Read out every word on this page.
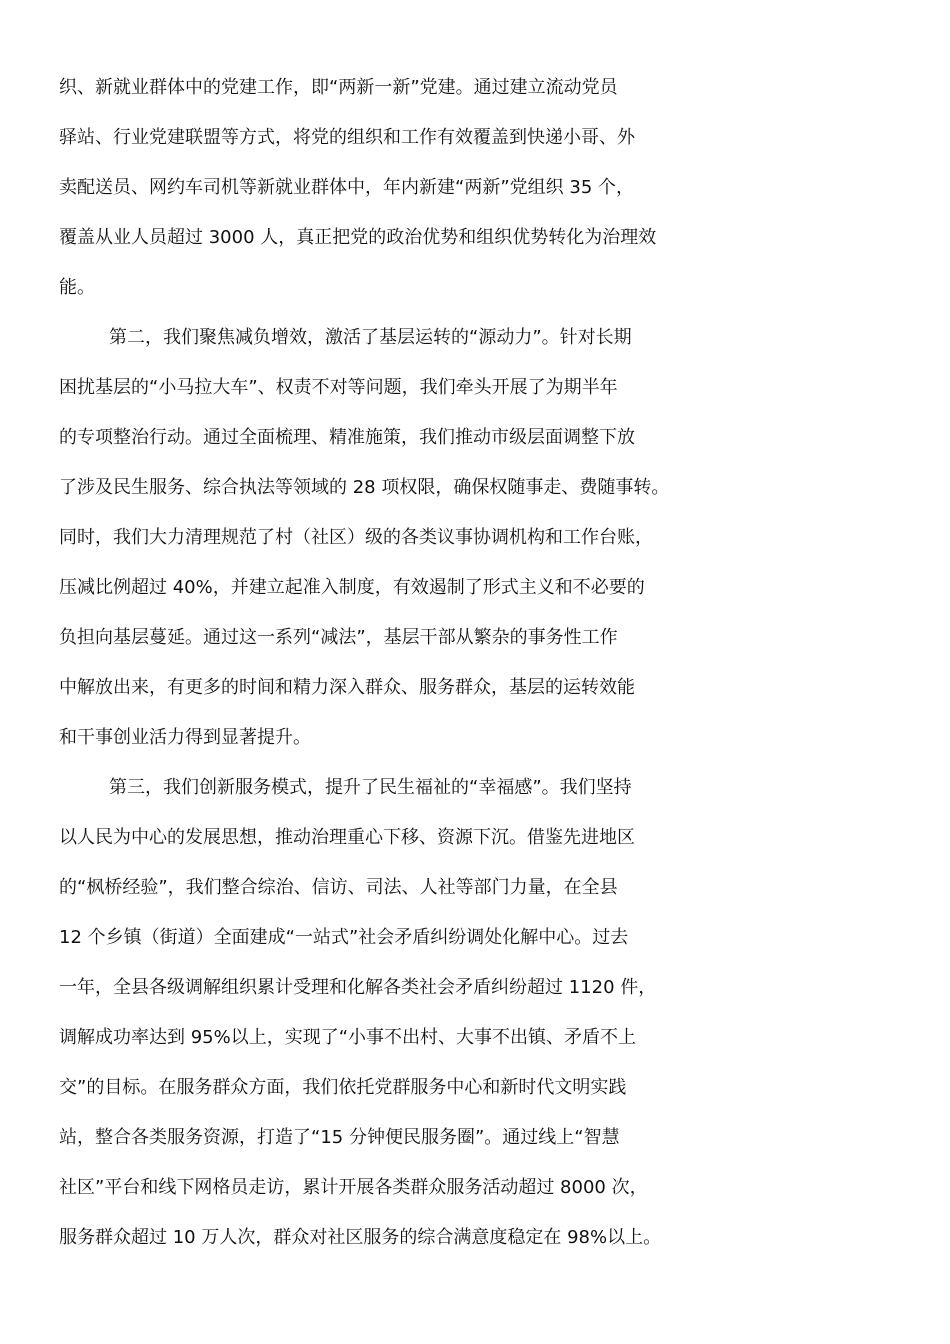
织、新就业群体中的党建工作，即“两新一新”党建。通过建立流动党员
驿站、行业党建联盟等方式，将党的组织和工作有效覆盖到快递小哥、外
卖配送员、网约车司机等新就业群体中，年内新建“两新”党组织 35 个，
覆盖从业人员超过 3000 人，真正把党的政治优势和组织优势转化为治理效
能。
第二，我们聚焦减负增效，激活了基层运转的“源动力”。针对长期
困扰基层的“小马拉大车”、权责不对等问题，我们牵头开展了为期半年
的专项整治行动。通过全面梳理、精准施策，我们推动市级层面调整下放
了涉及民生服务、综合执法等领域的 28 项权限，确保权随事走、费随事转。
同时，我们大力清理规范了村（社区）级的各类议事协调机构和工作台账，
压减比例超过 40%，并建立起准入制度，有效遏制了形式主义和不必要的
负担向基层蔓延。通过这一系列“减法”，基层干部从繁杂的事务性工作
中解放出来，有更多的时间和精力深入群众、服务群众，基层的运转效能
和干事创业活力得到显著提升。
第三，我们创新服务模式，提升了民生福祉的“幸福感”。我们坚持
以人民为中心的发展思想，推动治理重心下移、资源下沉。借鉴先进地区
的“枫桥经验”，我们整合综治、信访、司法、人社等部门力量，在全县
12 个乡镇（街道）全面建成“一站式”社会矛盾纠纷调处化解中心。过去
一年，全县各级调解组织累计受理和化解各类社会矛盾纠纷超过 1120 件，
调解成功率达到 95%以上，实现了“小事不出村、大事不出镇、矛盾不上
交”的目标。在服务群众方面，我们依托党群服务中心和新时代文明实践
站，整合各类服务资源，打造了“15 分钟便民服务圈”。通过线上“智慧
社区”平台和线下网格员走访，累计开展各类群众服务活动超过 8000 次，
服务群众超过 10 万人次，群众对社区服务的综合满意度稳定在 98%以上。
